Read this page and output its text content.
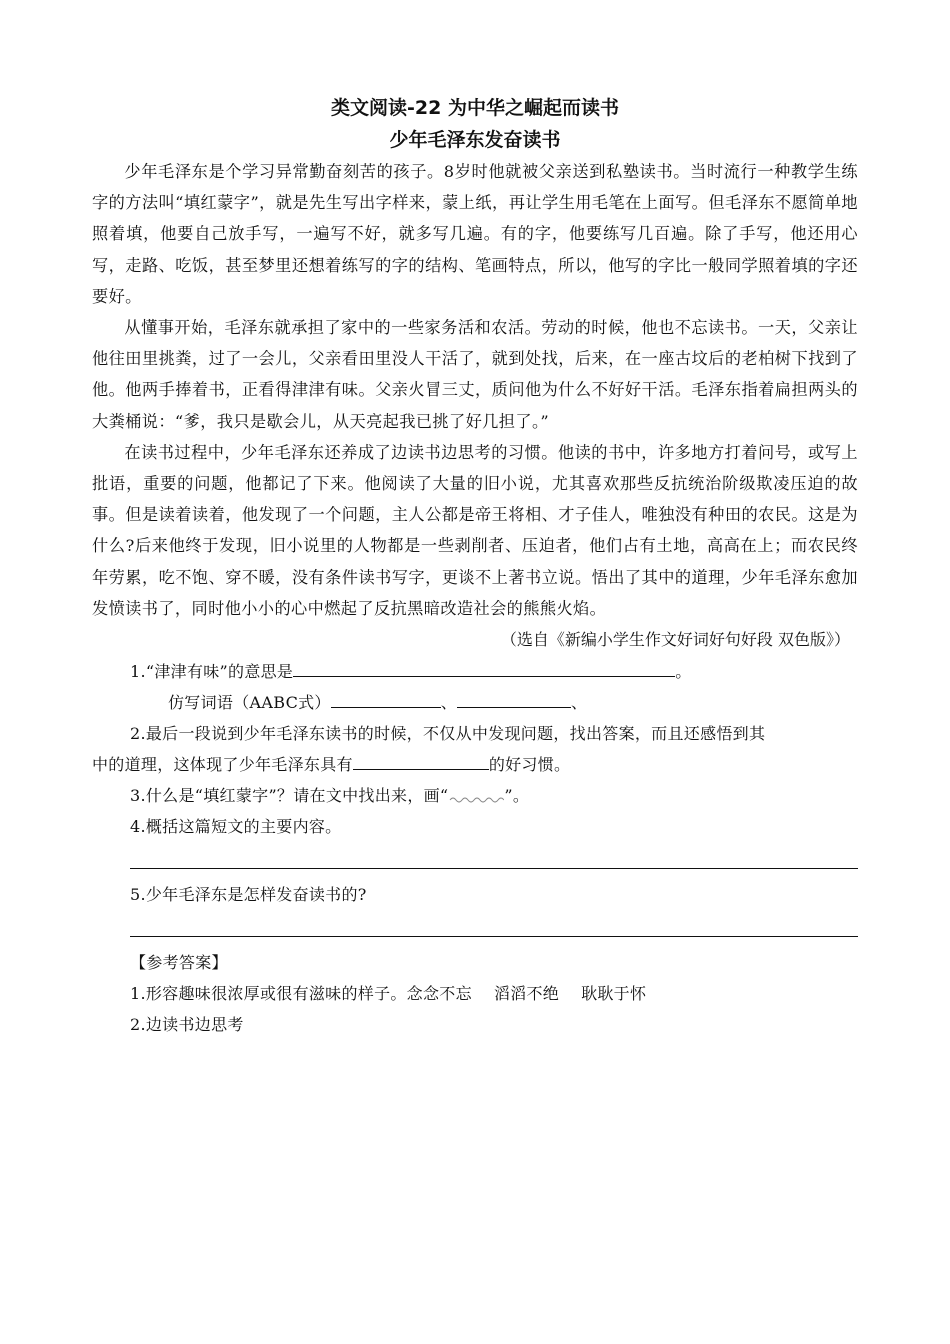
类文阅读-22 为中华之崛起而读书
少年毛泽东发奋读书

少年毛泽东是个学习异常勤奋刻苦的孩子。8岁时他就被父亲送到私塾读书。当时流行一种教学生练字的方法叫“填红蒙字”，就是先生写出字样来，蒙上纸，再让学生用毛笔在上面写。但毛泽东不愿简单地照着填，他要自己放手写，一遍写不好，就多写几遍。有的字，他要练写几百遍。除了手写，他还用心写，走路、吃饭，甚至梦里还想着练写的字的结构、笔画特点，所以，他写的字比一般同学照着填的字还要好。

从懂事开始，毛泽东就承担了家中的一些家务活和农活。劳动的时候，他也不忘读书。一天，父亲让他往田里挑粪，过了一会儿，父亲看田里没人干活了，就到处找，后来，在一座古坟后的老柏树下找到了他。他两手捧着书，正看得津津有味。父亲火冒三丈，质问他为什么不好好干活。毛泽东指着扁担两头的大粪桶说：“爹，我只是歇会儿，从天亮起我已挑了好几担了。”

在读书过程中，少年毛泽东还养成了边读书边思考的习惯。他读的书中，许多地方打着问号，或写上批语，重要的问题，他都记了下来。他阅读了大量的旧小说，尤其喜欢那些反抗统治阶级欺凌压迫的故事。但是读着读着，他发现了一个问题，主人公都是帝王将相、才子佳人，唯独没有种田的农民。这是为什么?后来他终于发现，旧小说里的人物都是一些剥削者、压迫者，他们占有土地，高高在上；而农民终年劳累，吃不饱、穿不暖，没有条件读书写字，更谈不上著书立说。悟出了其中的道理，少年毛泽东愈加发愤读书了，同时他小小的心中燃起了反抗黑暗改造社会的熊熊火焰。

（选自《新编小学生作文好词好句好段 双色版》）

1.“津津有味”的意思是	。

仿写词语（AABC式）	、	、

2.最后一段说到少年毛泽东读书的时候，不仅从中发现问题，找出答案，而且还感悟到其

中的道理，这体现了少年毛泽东具有	的好习惯。

3.什么是“填红蒙字”？请在文中找出来，画“	”。

4.概括这篇短文的主要内容。

5.少年毛泽东是怎样发奋读书的?

【参考答案】

1.形容趣味很浓厚或很有滋味的样子。念念不忘 滔滔不绝 耿耿于怀

2.边读书边思考
